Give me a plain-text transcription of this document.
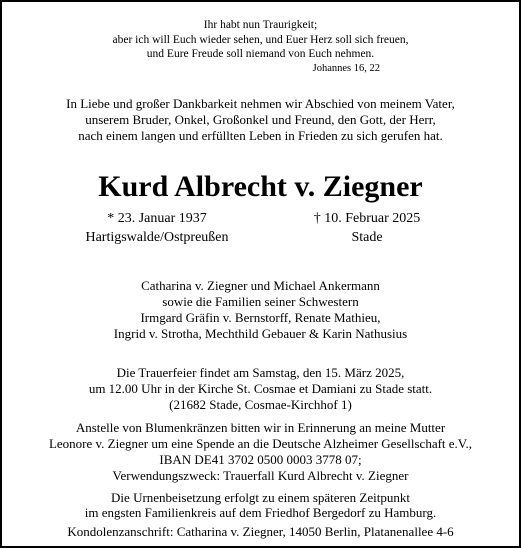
Ihr habt nun Traurigkeit;
aber ich will Euch wieder sehen, und Euer Herz soll sich freuen,
und Eure Freude soll niemand von Euch nehmen.
Johannes 16, 22
In Liebe und großer Dankbarkeit nehmen wir Abschied von meinem Vater,
unserem Bruder, Onkel, Großonkel und Freund, den Gott, der Herr,
nach einem langen und erfüllten Leben in Frieden zu sich gerufen hat.
Kurd Albrecht v. Ziegner
* 23. Januar 1937
Hartigswalde/Ostpreußen
† 10. Februar 2025
Stade
Catharina v. Ziegner und Michael Ankermann
sowie die Familien seiner Schwestern
Irmgard Gräfin v. Bernstorff, Renate Mathieu,
Ingrid v. Strotha, Mechthild Gebauer & Karin Nathusius
Die Trauerfeier findet am Samstag, den 15. März 2025,
um 12.00 Uhr in der Kirche St. Cosmae et Damiani zu Stade statt.
(21682 Stade, Cosmae-Kirchhof 1)
Anstelle von Blumenkränzen bitten wir in Erinnerung an meine Mutter
Leonore v. Ziegner um eine Spende an die Deutsche Alzheimer Gesellschaft e.V.,
IBAN DE41 3702 0500 0003 3778 07;
Verwendungszweck: Trauerfall Kurd Albrecht v. Ziegner
Die Urnenbeisetzung erfolgt zu einem späteren Zeitpunkt
im engsten Familienkreis auf dem Friedhof Bergedorf zu Hamburg.
Kondolenzanschrift: Catharina v. Ziegner, 14050 Berlin, Platanenallee 4-6
